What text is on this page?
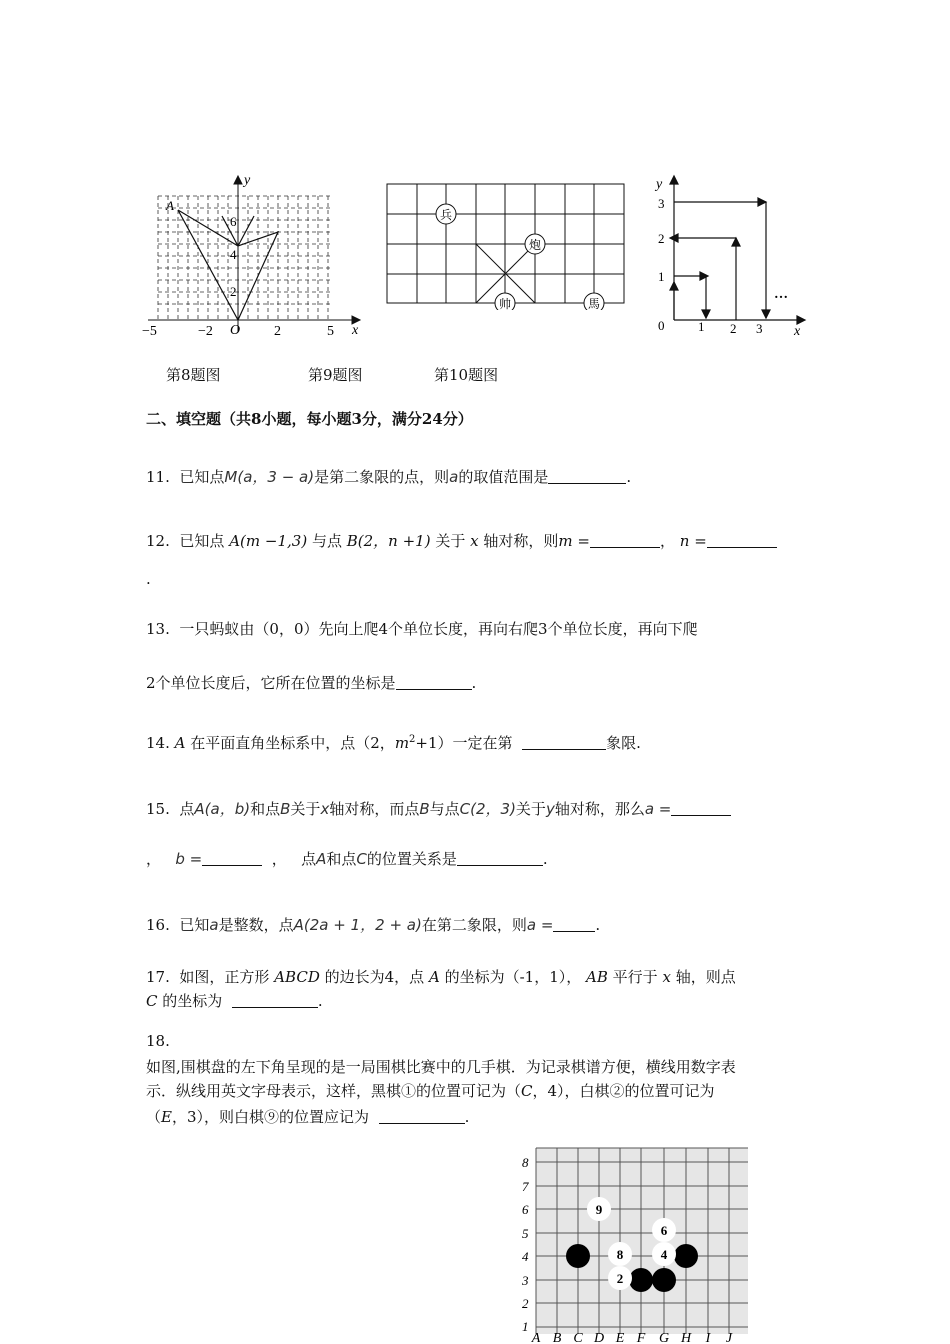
y
x
A
O
−5	−2	2	5
2
4
6	兵
炮
帅	馬
y
x
0	1 2 3
1
2
3
…
第8题图	第9题图	第10题图
二、填空题（共8小题，每小题3分，满分24分）
11. 已知点M(a，3 − a)是第二象限的点，则a的取值范围是	.
12. 已知点 A(m −1,3) 与点 B(2，n +1) 关于 x 轴对称，则m =	， n =
.
13. 一只蚂蚁由（0，0）先向上爬4个单位长度，再向右爬3个单位长度，再向下爬
2个单位长度后，它所在位置的坐标是	.
14. A 在平面直角坐标系中，点（2，$m^2+1$）一定在第	象限.
15. 点A(a，b)和点B关于x轴对称，而点B与点C(2，3)关于y轴对称，那么a =
， b =	， 点A和点C的位置关系是	.
16. 已知a是整数，点A(2a + 1，2 + a)在第二象限，则a =	.
17. 如图，正方形 ABCD 的边长为4，点 A 的坐标为（-1，1）， AB 平行于 x 轴，则点
C 的坐标为	.
18.
如图,围棋盘的左下角呈现的是一局围棋比赛中的几手棋．为记录棋谱方便，横线用数字表
示．纵线用英文字母表示，这样，黑棋①的位置可记为（C，4），白棋②的位置可记为
（E，3），则白棋⑨的位置应记为	.
8
7
6
5
4
3
2
1
A B C D E F G H I J
9
6
8	4
2
